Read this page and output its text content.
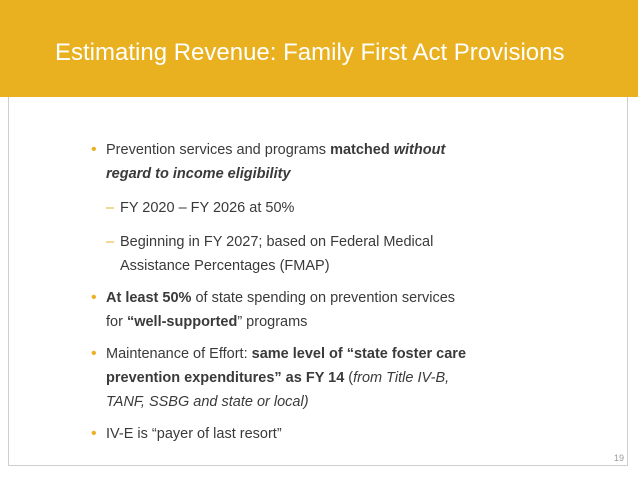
Estimating Revenue: Family First Act Provisions
• Prevention services and programs matched without
regard to income eligibility
– FY 2020 – FY 2026 at 50%
– Beginning in FY 2027; based on Federal Medical
Assistance Percentages (FMAP)
• At least 50% of state spending on prevention services
for “well-supported” programs
• Maintenance of Effort: same level of “state foster care
prevention expenditures” as FY 14 (from Title IV-B,
TANF, SSBG and state or local)
• IV-E is “payer of last resort”
19
